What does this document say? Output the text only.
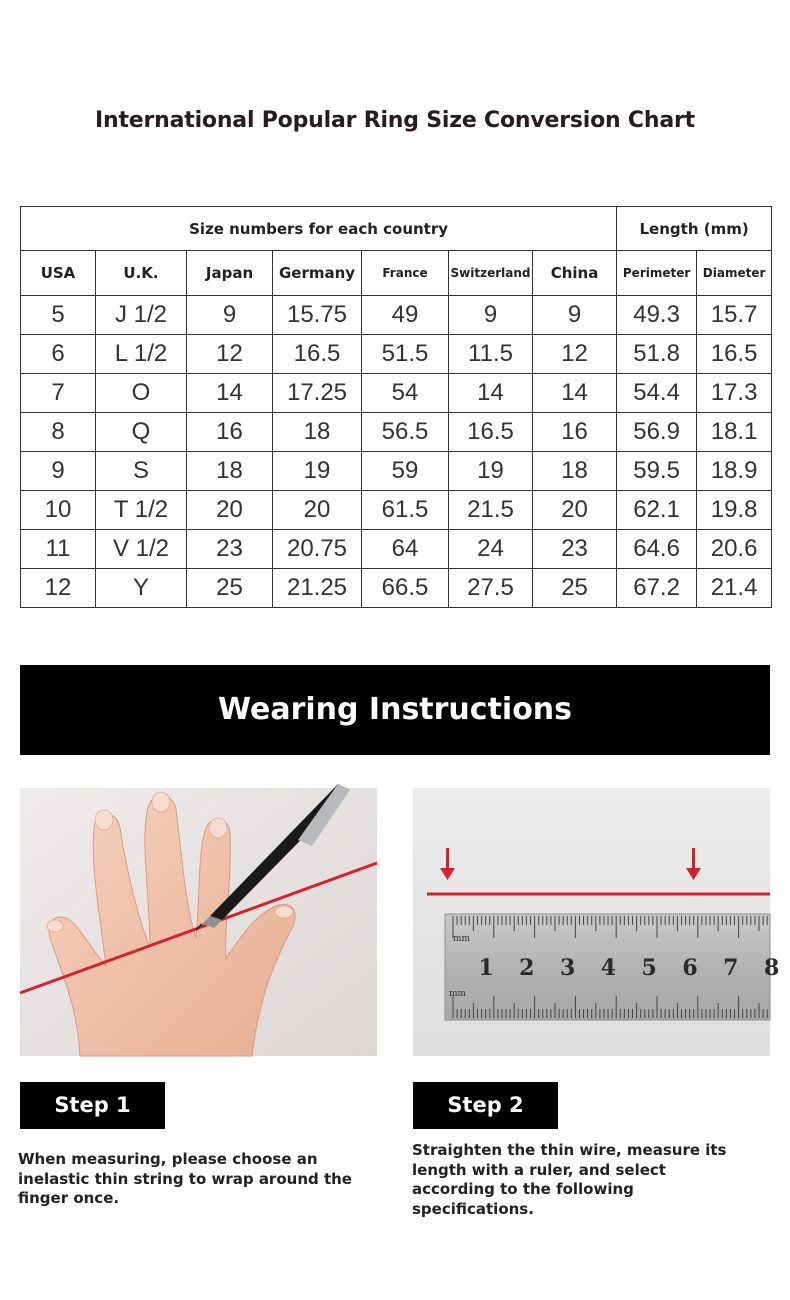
International Popular Ring Size Conversion Chart
Size numbers for each country							Length (mm)	
USA	U.K.	Japan	Germany	France	Switzerland	China	Perimeter	Diameter
5	J 1/2	9	15.75	49	9	9	49.3	15.7
6	L 1/2	12	16.5	51.5	11.5	12	51.8	16.5
7	O	14	17.25	54	14	14	54.4	17.3
8	Q	16	18	56.5	16.5	16	56.9	18.1
9	S	18	19	59	19	18	59.5	18.9
10	T 1/2	20	20	61.5	21.5	20	62.1	19.8
11	V 1/2	23	20.75	64	24	23	64.6	20.6
12	Y	25	21.25	66.5	27.5	25	67.2	21.4
Wearing Instructions
mm
mm
1 2 3 4 5 6 7 8
Step 1	Step 2
When measuring, please choose an inelastic thin string to wrap around the finger once.
Straighten the thin wire, measure its length with a ruler, and select according to the following specifications.
